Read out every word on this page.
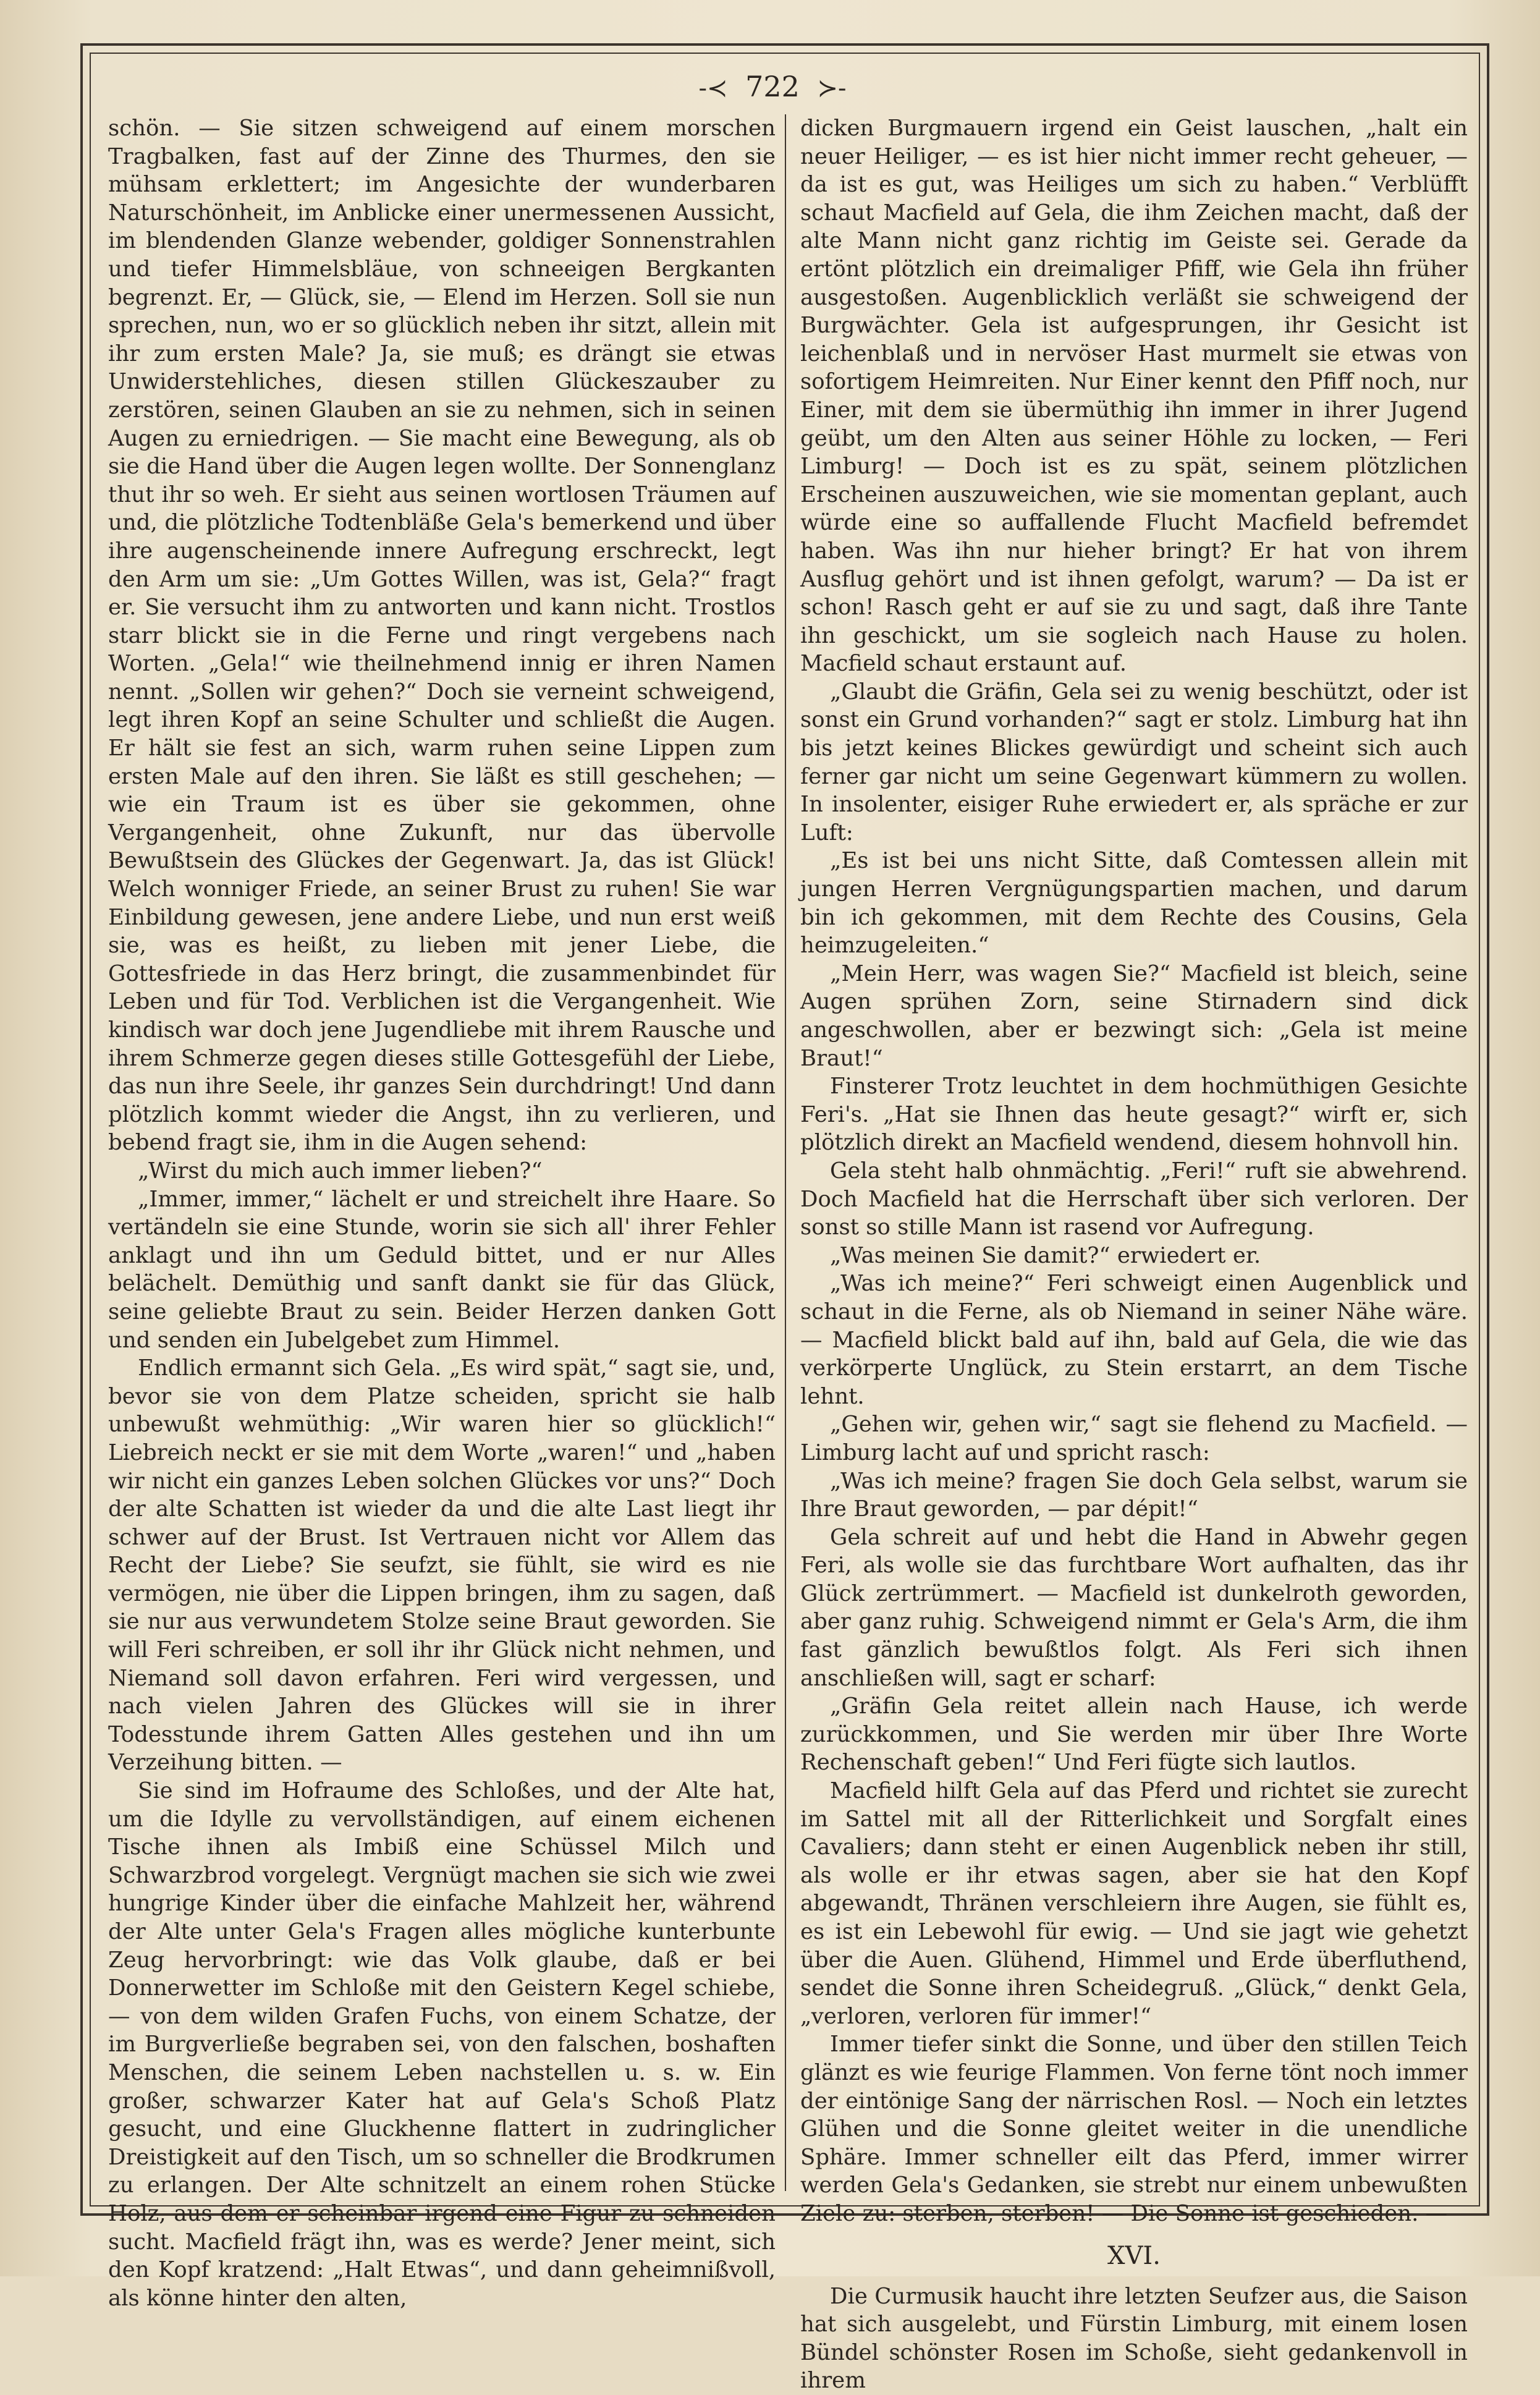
-≺ 722 ≻-

schön. — Sie sitzen schweigend auf einem morschen Tragbalken, fast auf der Zinne des Thurmes, den sie mühsam erklettert; im Angesichte der wunderbaren Naturschönheit, im Anblicke einer unermessenen Aussicht, im blendenden Glanze webender, goldiger Sonnenstrahlen und tiefer Himmelsbläue, von schneeigen Bergkanten begrenzt. Er, — Glück, sie, — Elend im Herzen. Soll sie nun sprechen, nun, wo er so glücklich neben ihr sitzt, allein mit ihr zum ersten Male? Ja, sie muß; es drängt sie etwas Unwiderstehliches, diesen stillen Glückeszauber zu zerstören, seinen Glauben an sie zu nehmen, sich in seinen Augen zu erniedrigen. — Sie macht eine Bewegung, als ob sie die Hand über die Augen legen wollte. Der Sonnenglanz thut ihr so weh. Er sieht aus seinen wortlosen Träumen auf und, die plötzliche Todtenbläße Gela's bemerkend und über ihre augenscheinende innere Aufregung erschreckt, legt den Arm um sie: „Um Gottes Willen, was ist, Gela?“ fragt er. Sie versucht ihm zu antworten und kann nicht. Trostlos starr blickt sie in die Ferne und ringt vergebens nach Worten. „Gela!“ wie theilnehmend innig er ihren Namen nennt. „Sollen wir gehen?“ Doch sie verneint schweigend, legt ihren Kopf an seine Schulter und schließt die Augen. Er hält sie fest an sich, warm ruhen seine Lippen zum ersten Male auf den ihren. Sie läßt es still geschehen; — wie ein Traum ist es über sie gekommen, ohne Vergangenheit, ohne Zukunft, nur das übervolle Bewußtsein des Glückes der Gegenwart. Ja, das ist Glück! Welch wonniger Friede, an seiner Brust zu ruhen! Sie war Einbildung gewesen, jene andere Liebe, und nun erst weiß sie, was es heißt, zu lieben mit jener Liebe, die Gottesfriede in das Herz bringt, die zusammenbindet für Leben und für Tod. Verblichen ist die Vergangenheit. Wie kindisch war doch jene Jugendliebe mit ihrem Rausche und ihrem Schmerze gegen dieses stille Gottesgefühl der Liebe, das nun ihre Seele, ihr ganzes Sein durchdringt! Und dann plötzlich kommt wieder die Angst, ihn zu verlieren, und bebend fragt sie, ihm in die Augen sehend:

„Wirst du mich auch immer lieben?“

„Immer, immer,“ lächelt er und streichelt ihre Haare. So vertändeln sie eine Stunde, worin sie sich all' ihrer Fehler anklagt und ihn um Geduld bittet, und er nur Alles belächelt. Demüthig und sanft dankt sie für das Glück, seine geliebte Braut zu sein. Beider Herzen danken Gott und senden ein Jubelgebet zum Himmel.

Endlich ermannt sich Gela. „Es wird spät,“ sagt sie, und, bevor sie von dem Platze scheiden, spricht sie halb unbewußt wehmüthig: „Wir waren hier so glücklich!“ Liebreich neckt er sie mit dem Worte „waren!“ und „haben wir nicht ein ganzes Leben solchen Glückes vor uns?“ Doch der alte Schatten ist wieder da und die alte Last liegt ihr schwer auf der Brust. Ist Vertrauen nicht vor Allem das Recht der Liebe? Sie seufzt, sie fühlt, sie wird es nie vermögen, nie über die Lippen bringen, ihm zu sagen, daß sie nur aus verwundetem Stolze seine Braut geworden. Sie will Feri schreiben, er soll ihr ihr Glück nicht nehmen, und Niemand soll davon erfahren. Feri wird vergessen, und nach vielen Jahren des Glückes will sie in ihrer Todesstunde ihrem Gatten Alles gestehen und ihn um Verzeihung bitten. —

Sie sind im Hofraume des Schloßes, und der Alte hat, um die Idylle zu vervollständigen, auf einem eichenen Tische ihnen als Imbiß eine Schüssel Milch und Schwarzbrod vorgelegt. Vergnügt machen sie sich wie zwei hungrige Kinder über die einfache Mahlzeit her, während der Alte unter Gela's Fragen alles mögliche kunterbunte Zeug hervorbringt: wie das Volk glaube, daß er bei Donnerwetter im Schloße mit den Geistern Kegel schiebe, — von dem wilden Grafen Fuchs, von einem Schatze, der im Burgverließe begraben sei, von den falschen, boshaften Menschen, die seinem Leben nachstellen u. s. w. Ein großer, schwarzer Kater hat auf Gela's Schoß Platz gesucht, und eine Gluckhenne flattert in zudringlicher Dreistigkeit auf den Tisch, um so schneller die Brodkrumen zu erlangen. Der Alte schnitzelt an einem rohen Stücke Holz, aus dem er scheinbar irgend eine Figur zu schneiden sucht. Macfield frägt ihn, was es werde? Jener meint, sich den Kopf kratzend: „Halt Etwas“, und dann geheimnißvoll, als könne hinter den alten,

dicken Burgmauern irgend ein Geist lauschen, „halt ein neuer Heiliger, — es ist hier nicht immer recht geheuer, — da ist es gut, was Heiliges um sich zu haben.“ Verblüfft schaut Macfield auf Gela, die ihm Zeichen macht, daß der alte Mann nicht ganz richtig im Geiste sei. Gerade da ertönt plötzlich ein dreimaliger Pfiff, wie Gela ihn früher ausgestoßen. Augenblicklich verläßt sie schweigend der Burgwächter. Gela ist aufgesprungen, ihr Gesicht ist leichenblaß und in nervöser Hast murmelt sie etwas von sofortigem Heimreiten. Nur Einer kennt den Pfiff noch, nur Einer, mit dem sie übermüthig ihn immer in ihrer Jugend geübt, um den Alten aus seiner Höhle zu locken, — Feri Limburg! — Doch ist es zu spät, seinem plötzlichen Erscheinen auszuweichen, wie sie momentan geplant, auch würde eine so auffallende Flucht Macfield befremdet haben. Was ihn nur hieher bringt? Er hat von ihrem Ausflug gehört und ist ihnen gefolgt, warum? — Da ist er schon! Rasch geht er auf sie zu und sagt, daß ihre Tante ihn geschickt, um sie sogleich nach Hause zu holen. Macfield schaut erstaunt auf.

„Glaubt die Gräfin, Gela sei zu wenig beschützt, oder ist sonst ein Grund vorhanden?“ sagt er stolz. Limburg hat ihn bis jetzt keines Blickes gewürdigt und scheint sich auch ferner gar nicht um seine Gegenwart kümmern zu wollen. In insolenter, eisiger Ruhe erwiedert er, als spräche er zur Luft:

„Es ist bei uns nicht Sitte, daß Comtessen allein mit jungen Herren Vergnügungspartien machen, und darum bin ich gekommen, mit dem Rechte des Cousins, Gela heimzugeleiten.“

„Mein Herr, was wagen Sie?“ Macfield ist bleich, seine Augen sprühen Zorn, seine Stirnadern sind dick angeschwollen, aber er bezwingt sich: „Gela ist meine Braut!“

Finsterer Trotz leuchtet in dem hochmüthigen Gesichte Feri's. „Hat sie Ihnen das heute gesagt?“ wirft er, sich plötzlich direkt an Macfield wendend, diesem hohnvoll hin.

Gela steht halb ohnmächtig. „Feri!“ ruft sie abwehrend. Doch Macfield hat die Herrschaft über sich verloren. Der sonst so stille Mann ist rasend vor Aufregung.

„Was meinen Sie damit?“ erwiedert er.

„Was ich meine?“ Feri schweigt einen Augenblick und schaut in die Ferne, als ob Niemand in seiner Nähe wäre. — Macfield blickt bald auf ihn, bald auf Gela, die wie das verkörperte Unglück, zu Stein erstarrt, an dem Tische lehnt.

„Gehen wir, gehen wir,“ sagt sie flehend zu Macfield. — Limburg lacht auf und spricht rasch:

„Was ich meine? fragen Sie doch Gela selbst, warum sie Ihre Braut geworden, — par dépit!“

Gela schreit auf und hebt die Hand in Abwehr gegen Feri, als wolle sie das furchtbare Wort aufhalten, das ihr Glück zertrümmert. — Macfield ist dunkelroth geworden, aber ganz ruhig. Schweigend nimmt er Gela's Arm, die ihm fast gänzlich bewußtlos folgt. Als Feri sich ihnen anschließen will, sagt er scharf:

„Gräfin Gela reitet allein nach Hause, ich werde zurückkommen, und Sie werden mir über Ihre Worte Rechenschaft geben!“ Und Feri fügte sich lautlos.

Macfield hilft Gela auf das Pferd und richtet sie zurecht im Sattel mit all der Ritterlichkeit und Sorgfalt eines Cavaliers; dann steht er einen Augenblick neben ihr still, als wolle er ihr etwas sagen, aber sie hat den Kopf abgewandt, Thränen verschleiern ihre Augen, sie fühlt es, es ist ein Lebewohl für ewig. — Und sie jagt wie gehetzt über die Auen. Glühend, Himmel und Erde überfluthend, sendet die Sonne ihren Scheidegruß. „Glück,“ denkt Gela, „verloren, verloren für immer!“

Immer tiefer sinkt die Sonne, und über den stillen Teich glänzt es wie feurige Flammen. Von ferne tönt noch immer der eintönige Sang der närrischen Rosl. — Noch ein letztes Glühen und die Sonne gleitet weiter in die unendliche Sphäre. Immer schneller eilt das Pferd, immer wirrer werden Gela's Gedanken, sie strebt nur einem unbewußten Ziele zu: sterben, sterben! — Die Sonne ist geschieden. —

XVI.

Die Curmusik haucht ihre letzten Seufzer aus, die Saison hat sich ausgelebt, und Fürstin Limburg, mit einem losen Bündel schönster Rosen im Schoße, sieht gedankenvoll in ihrem
